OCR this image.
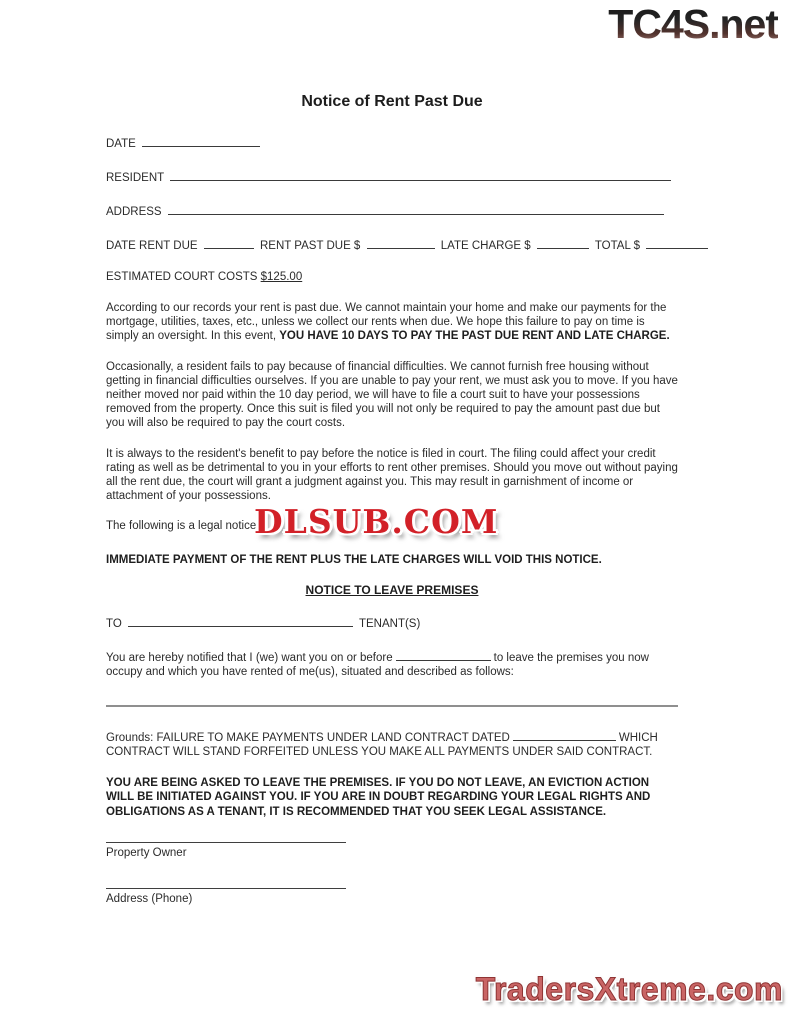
TC4S.net
Notice of Rent Past Due
DATE
RESIDENT
ADDRESS
DATE RENT DUE	RENT PAST DUE $	LATE CHARGE $	TOTAL $
ESTIMATED COURT COSTS $125.00

According to our records your rent is past due. We cannot maintain your home and make our payments for the mortgage, utilities, taxes, etc., unless we collect our rents when due. We hope this failure to pay on time is simply an oversight. In this event, YOU HAVE 10 DAYS TO PAY THE PAST DUE RENT AND LATE CHARGE.

Occasionally, a resident fails to pay because of financial difficulties. We cannot furnish free housing without getting in financial difficulties ourselves. If you are unable to pay your rent, we must ask you to move. If you have neither moved nor paid within the 10 day period, we will have to file a court suit to have your possessions removed from the property. Once this suit is filed you will not only be required to pay the amount past due but you will also be required to pay the court costs.

It is always to the resident's benefit to pay before the notice is filed in court. The filing could affect your credit rating as well as be detrimental to you in your efforts to rent other premises. Should you move out without paying all the rent due, the court will grant a judgment against you. This may result in garnishment of income or attachment of your possessions.

The following is a legal notice
DLSUB.COM

IMMEDIATE PAYMENT OF THE RENT PLUS THE LATE CHARGES WILL VOID THIS NOTICE.

NOTICE TO LEAVE PREMISES
TO	TENANT(S)

You are hereby notified that I (we) want you on or before	to leave the premises you now occupy and which you have rented of me(us), situated and described as follows:

Grounds: FAILURE TO MAKE PAYMENTS UNDER LAND CONTRACT DATED	WHICH CONTRACT WILL STAND FORFEITED UNLESS YOU MAKE ALL PAYMENTS UNDER SAID CONTRACT.

YOU ARE BEING ASKED TO LEAVE THE PREMISES. IF YOU DO NOT LEAVE, AN EVICTION ACTION WILL BE INITIATED AGAINST YOU. IF YOU ARE IN DOUBT REGARDING YOUR LEGAL RIGHTS AND OBLIGATIONS AS A TENANT, IT IS RECOMMENDED THAT YOU SEEK LEGAL ASSISTANCE.

Property Owner
Address (Phone)
TradersXtreme.com
